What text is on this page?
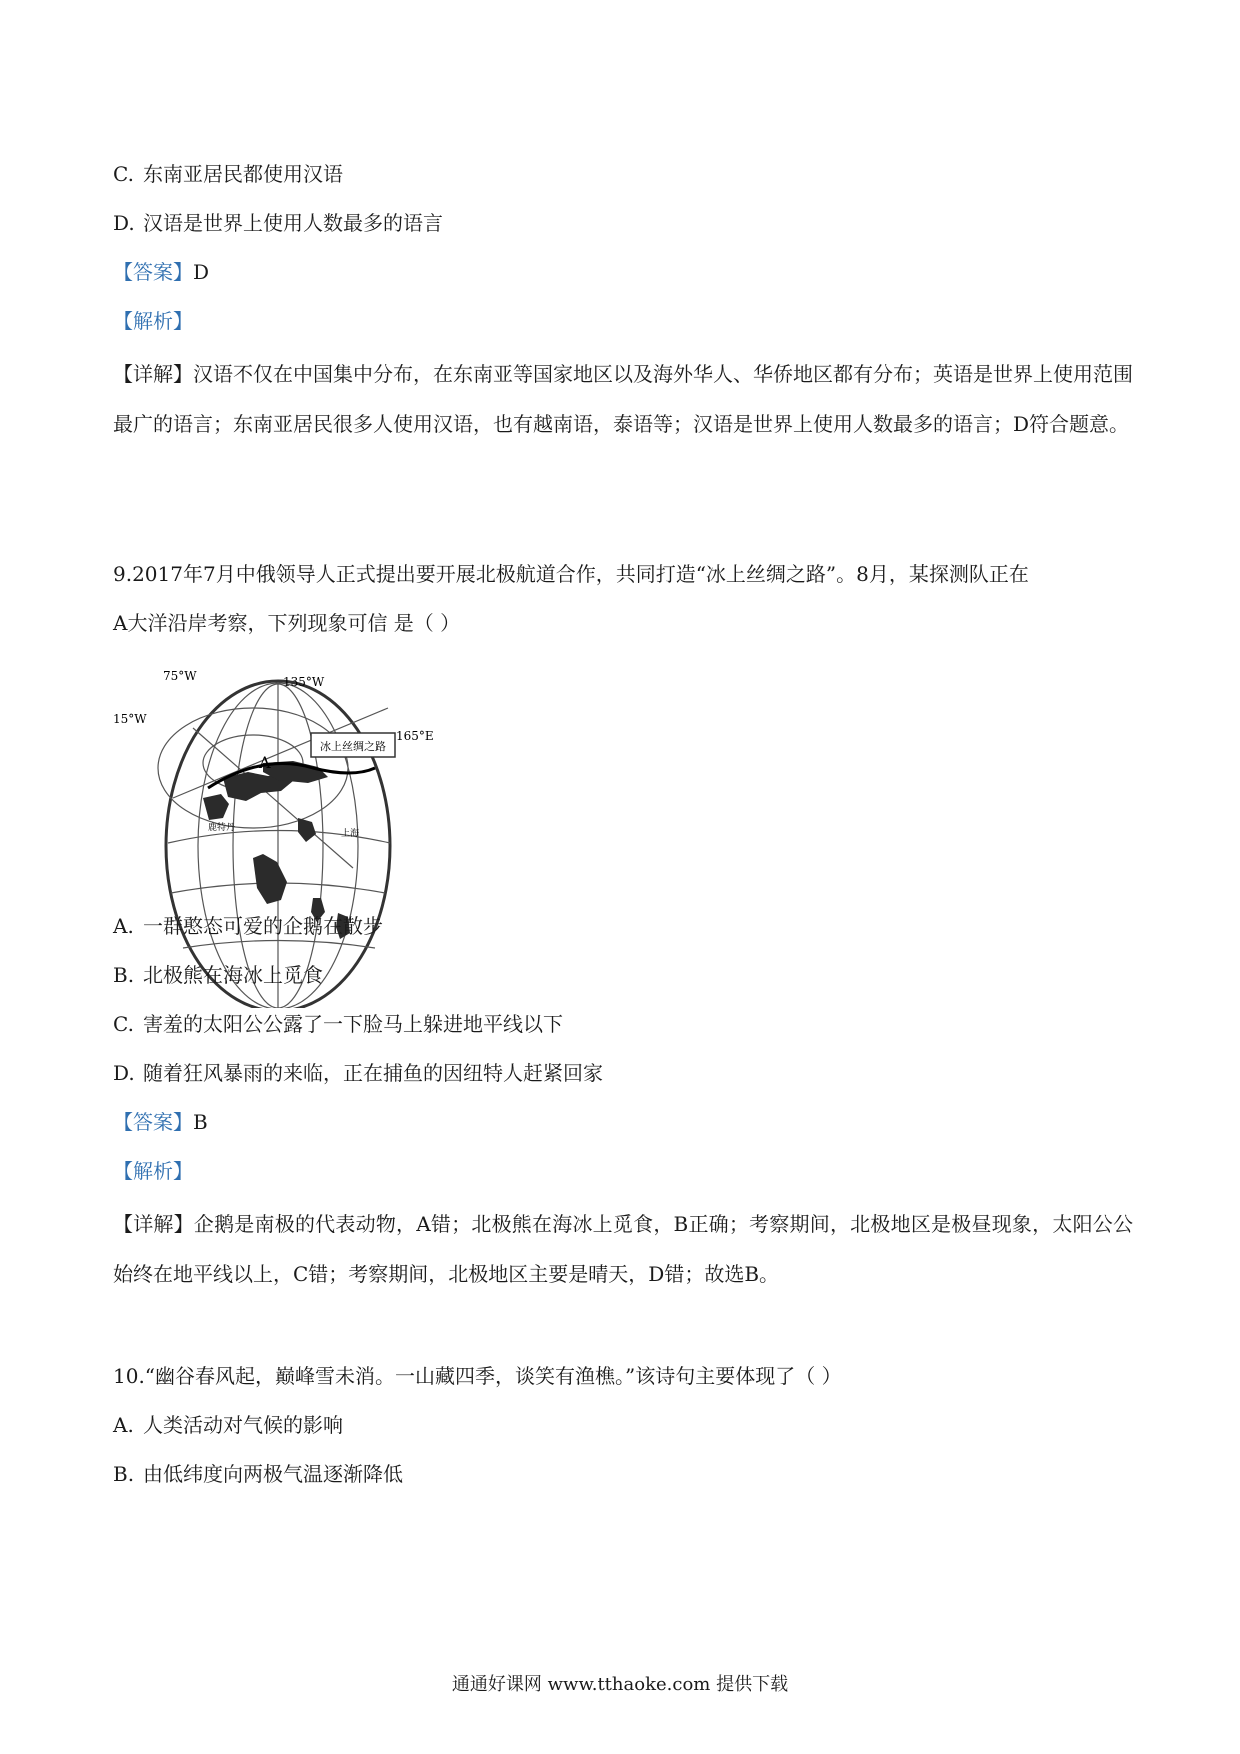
C. 东南亚居民都使用汉语
D. 汉语是世界上使用人数最多的语言
【答案】D
【解析】
【详解】汉语不仅在中国集中分布，在东南亚等国家地区以及海外华人、华侨地区都有分布；英语是世界上使用范围最广的语言；东南亚居民很多人使用汉语，也有越南语，泰语等；汉语是世界上使用人数最多的语言；D符合题意。
9.2017年7月中俄领导人正式提出要开展北极航道合作，共同打造“冰上丝绸之路”。8月，某探测队正在
A大洋沿岸考察，下列现象可信 是（ ）
冰上丝绸之路
75°W	135°W
15°W
165°E
A
鹿特丹
上海
A. 一群憨态可爱的企鹅在散步
B. 北极熊在海冰上觅食
C. 害羞的太阳公公露了一下脸马上躲进地平线以下
D. 随着狂风暴雨的来临，正在捕鱼的因纽特人赶紧回家
【答案】B
【解析】
【详解】企鹅是南极的代表动物，A错；北极熊在海冰上觅食，B正确；考察期间，北极地区是极昼现象，太阳公公始终在地平线以上，C错；考察期间，北极地区主要是晴天，D错；故选B。
10.“幽谷春风起，巅峰雪未消。一山藏四季，谈笑有渔樵。”该诗句主要体现了（ ）
A. 人类活动对气候的影响
B. 由低纬度向两极气温逐渐降低
通通好课网 www.tthaoke.com 提供下载
